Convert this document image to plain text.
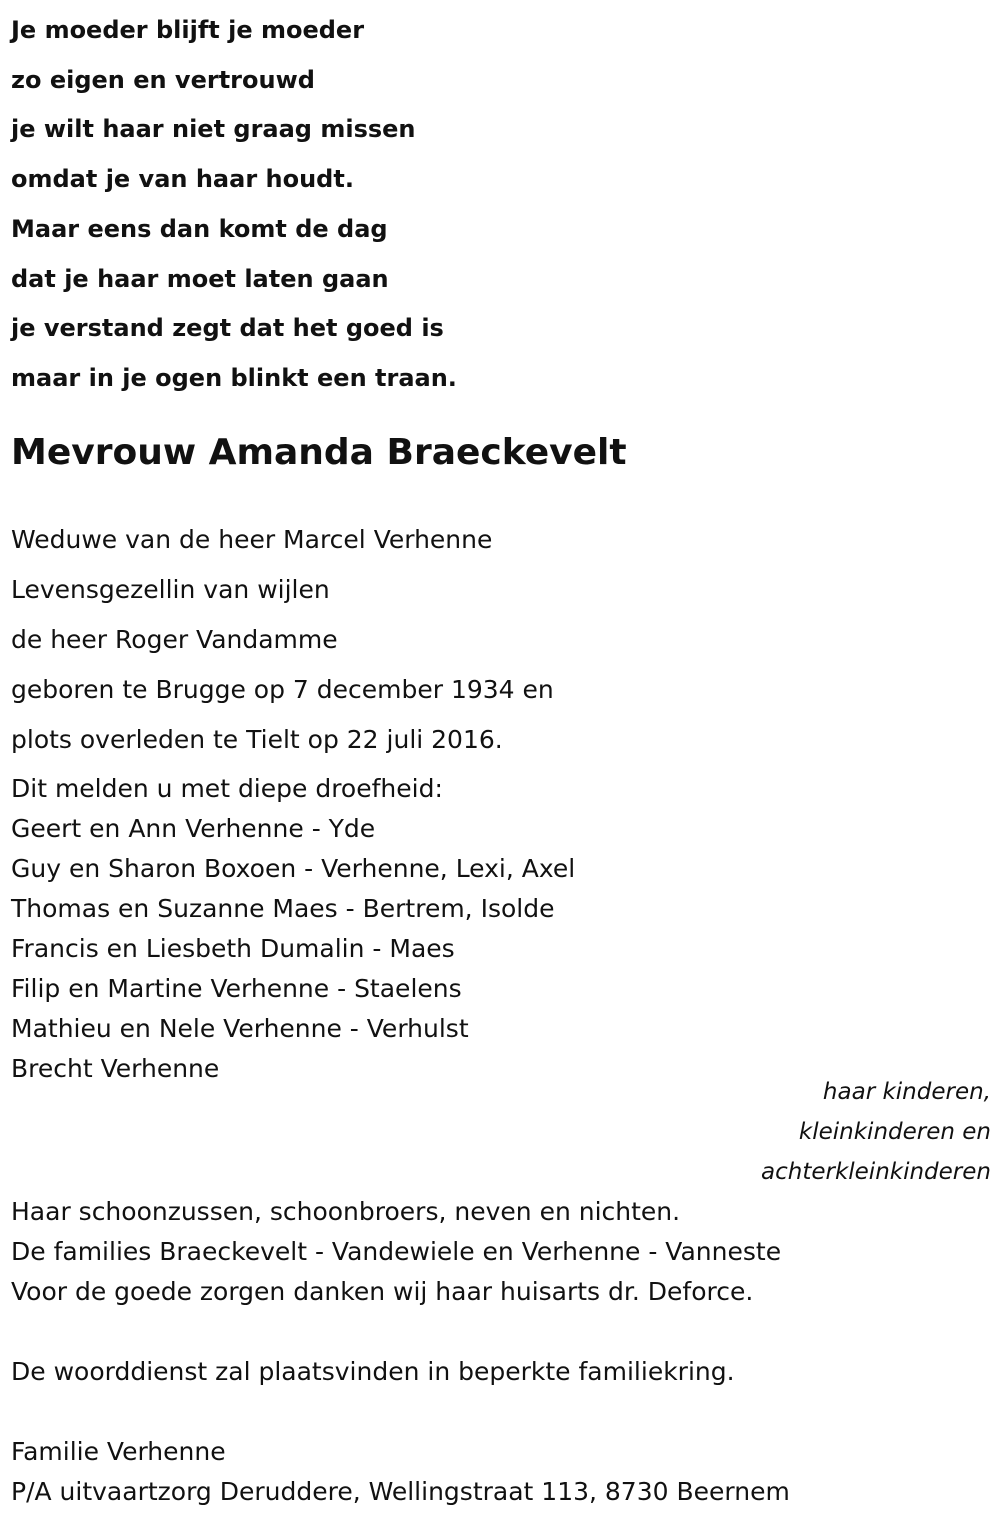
Je moeder blijft je moeder
zo eigen en vertrouwd
je wilt haar niet graag missen
omdat je van haar houdt.
Maar eens dan komt de dag
dat je haar moet laten gaan
je verstand zegt dat het goed is
maar in je ogen blinkt een traan.
Mevrouw Amanda Braeckevelt
Weduwe van de heer Marcel Verhenne
Levensgezellin van wijlen
de heer Roger Vandamme
geboren te Brugge op 7 december 1934 en
plots overleden te Tielt op 22 juli 2016.
Dit melden u met diepe droefheid:
Geert en Ann Verhenne - Yde
Guy en Sharon Boxoen - Verhenne, Lexi, Axel
Thomas en Suzanne Maes - Bertrem, Isolde
Francis en Liesbeth Dumalin - Maes
Filip en Martine Verhenne - Staelens
Mathieu en Nele Verhenne - Verhulst
Brecht Verhenne
haar kinderen,
kleinkinderen en
achterkleinkinderen
Haar schoonzussen, schoonbroers, neven en nichten.
De families Braeckevelt - Vandewiele en Verhenne - Vanneste
Voor de goede zorgen danken wij haar huisarts dr. Deforce.

De woorddienst zal plaatsvinden in beperkte familiekring.

Familie Verhenne
P/A uitvaartzorg Deruddere, Wellingstraat 113, 8730 Beernem
